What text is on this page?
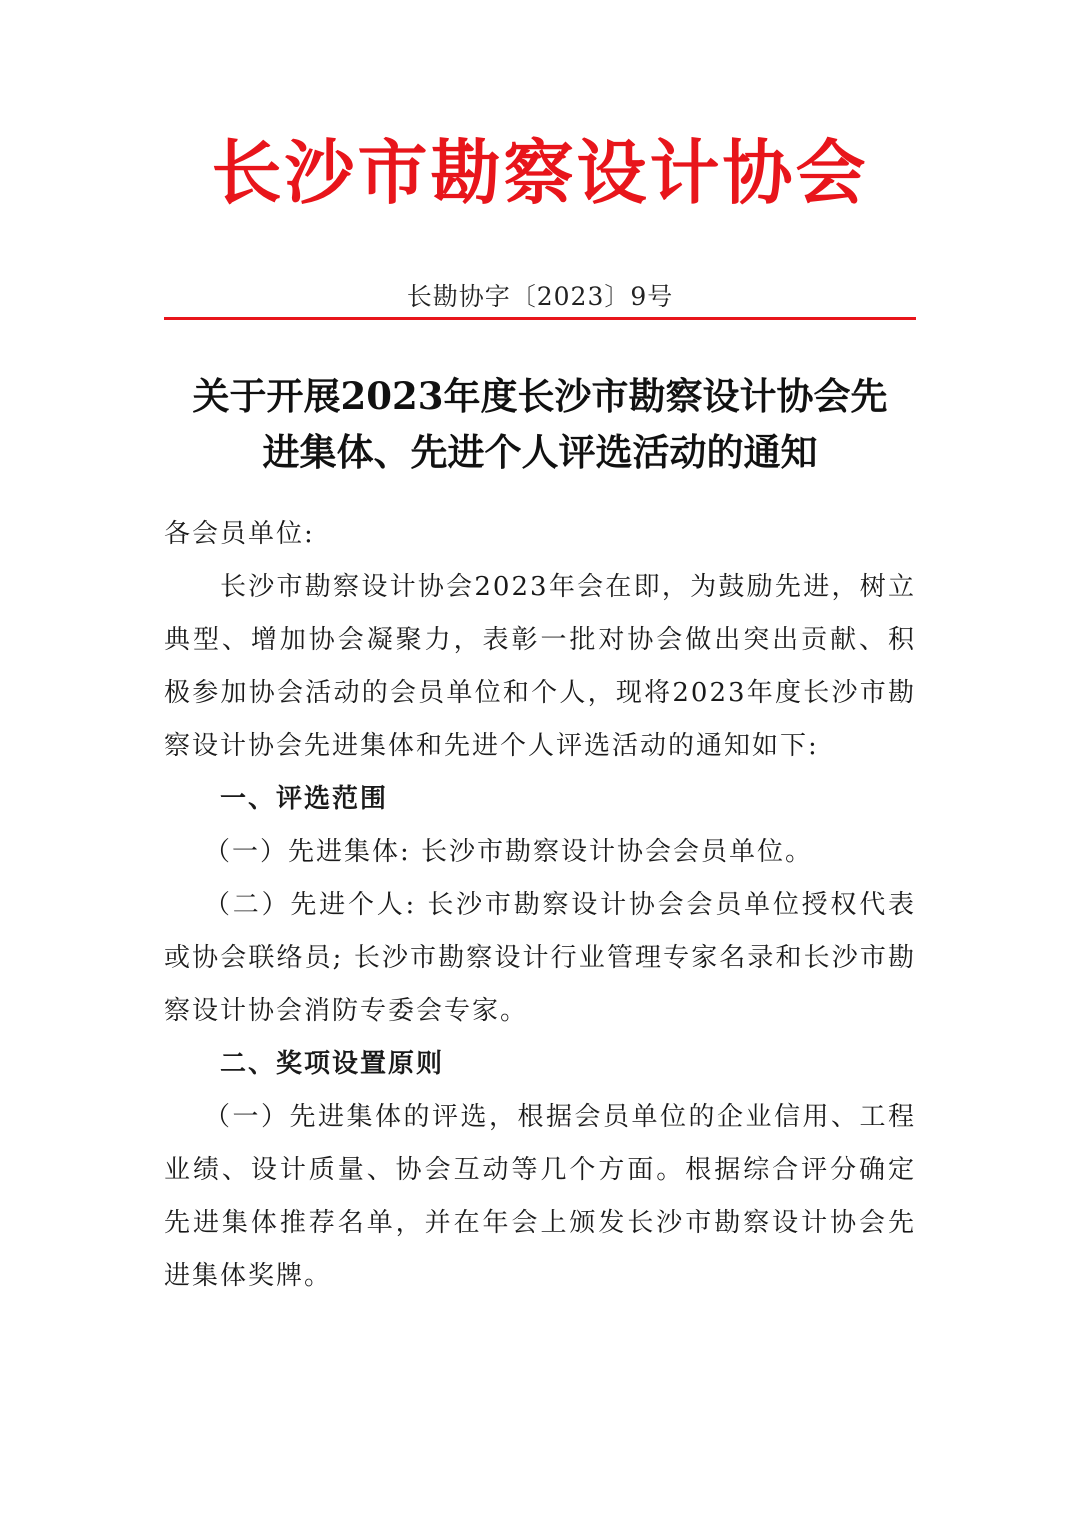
长沙市勘察设计协会
长勘协字〔2023〕9号
关于开展2023年度长沙市勘察设计协会先
进集体、先进个人评选活动的通知

各会员单位:

长沙市勘察设计协会2023年会在即，为鼓励先进，树立典型、增加协会凝聚力，表彰一批对协会做出突出贡献、积极参加协会活动的会员单位和个人，现将2023年度长沙市勘察设计协会先进集体和先进个人评选活动的通知如下:

一、评选范围

（一）先进集体: 长沙市勘察设计协会会员单位。

（二）先进个人: 长沙市勘察设计协会会员单位授权代表或协会联络员; 长沙市勘察设计行业管理专家名录和长沙市勘察设计协会消防专委会专家。

二、奖项设置原则

（一）先进集体的评选，根据会员单位的企业信用、工程业绩、设计质量、协会互动等几个方面。根据综合评分确定先进集体推荐名单，并在年会上颁发长沙市勘察设计协会先进集体奖牌。
